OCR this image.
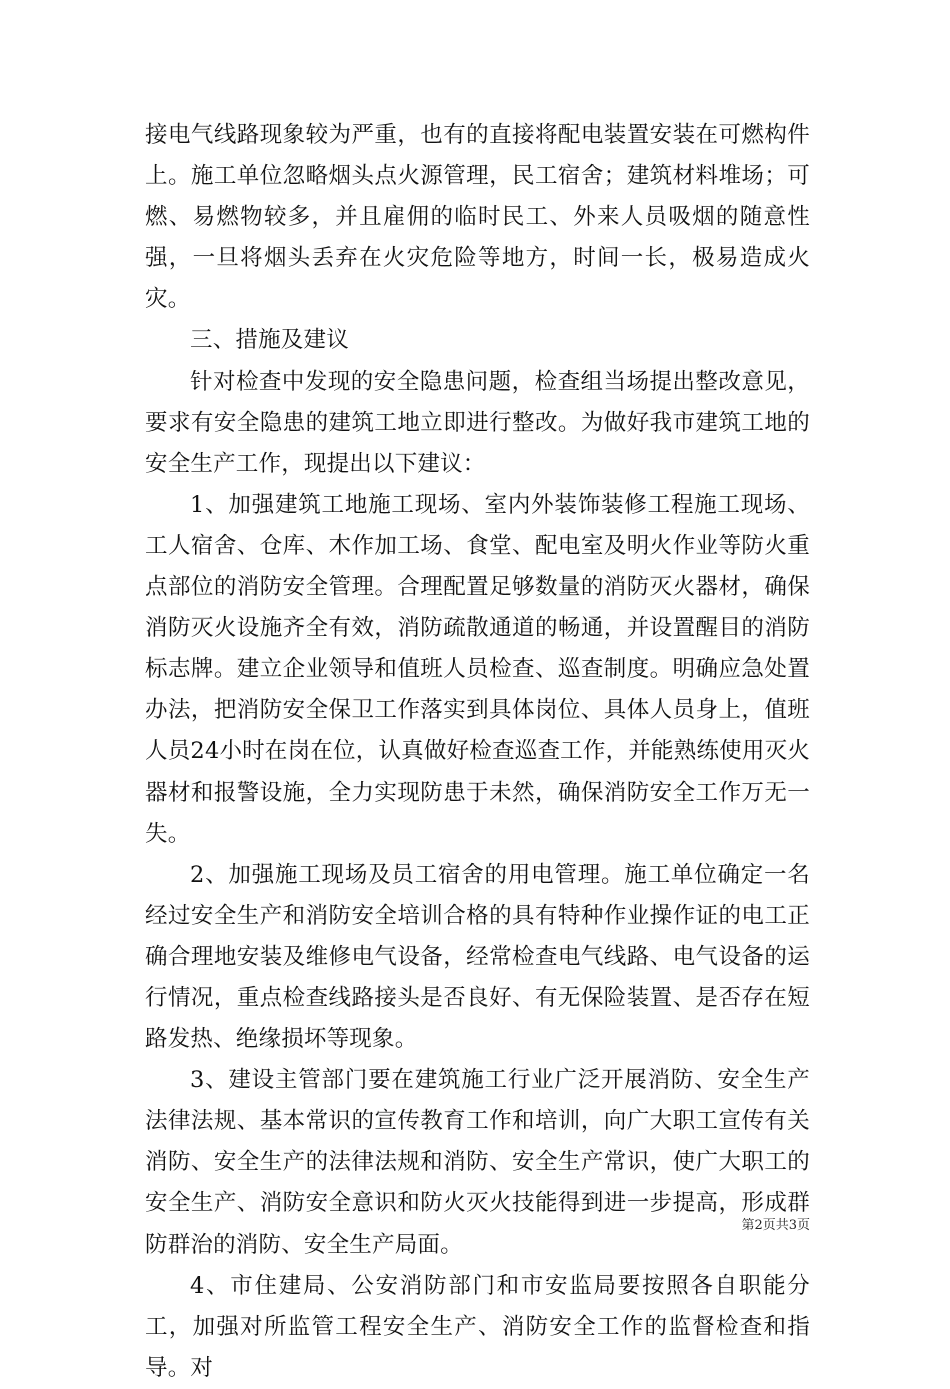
接电气线路现象较为严重，也有的直接将配电装置安装在可燃构件上。施工单位忽略烟头点火源管理，民工宿舍；建筑材料堆场；可燃、易燃物较多，并且雇佣的临时民工、外来人员吸烟的随意性强，一旦将烟头丢弃在火灾危险等地方，时间一长，极易造成火灾。

三、措施及建议

针对检查中发现的安全隐患问题，检查组当场提出整改意见，要求有安全隐患的建筑工地立即进行整改。为做好我市建筑工地的安全生产工作，现提出以下建议：

1、加强建筑工地施工现场、室内外装饰装修工程施工现场、工人宿舍、仓库、木作加工场、食堂、配电室及明火作业等防火重点部位的消防安全管理。合理配置足够数量的消防灭火器材，确保消防灭火设施齐全有效，消防疏散通道的畅通，并设置醒目的消防标志牌。建立企业领导和值班人员检查、巡查制度。明确应急处置办法，把消防安全保卫工作落实到具体岗位、具体人员身上，值班人员24小时在岗在位，认真做好检查巡查工作，并能熟练使用灭火器材和报警设施，全力实现防患于未然，确保消防安全工作万无一失。

2、加强施工现场及员工宿舍的用电管理。施工单位确定一名经过安全生产和消防安全培训合格的具有特种作业操作证的电工正确合理地安装及维修电气设备，经常检查电气线路、电气设备的运行情况，重点检查线路接头是否良好、有无保险装置、是否存在短路发热、绝缘损坏等现象。

3、建设主管部门要在建筑施工行业广泛开展消防、安全生产法律法规、基本常识的宣传教育工作和培训，向广大职工宣传有关消防、安全生产的法律法规和消防、安全生产常识，使广大职工的安全生产、消防安全意识和防火灭火技能得到进一步提高，形成群防群治的消防、安全生产局面。

4、市住建局、公安消防部门和市安监局要按照各自职能分工，加强对所监管工程安全生产、消防安全工作的监督检查和指导。对

第2页共3页
